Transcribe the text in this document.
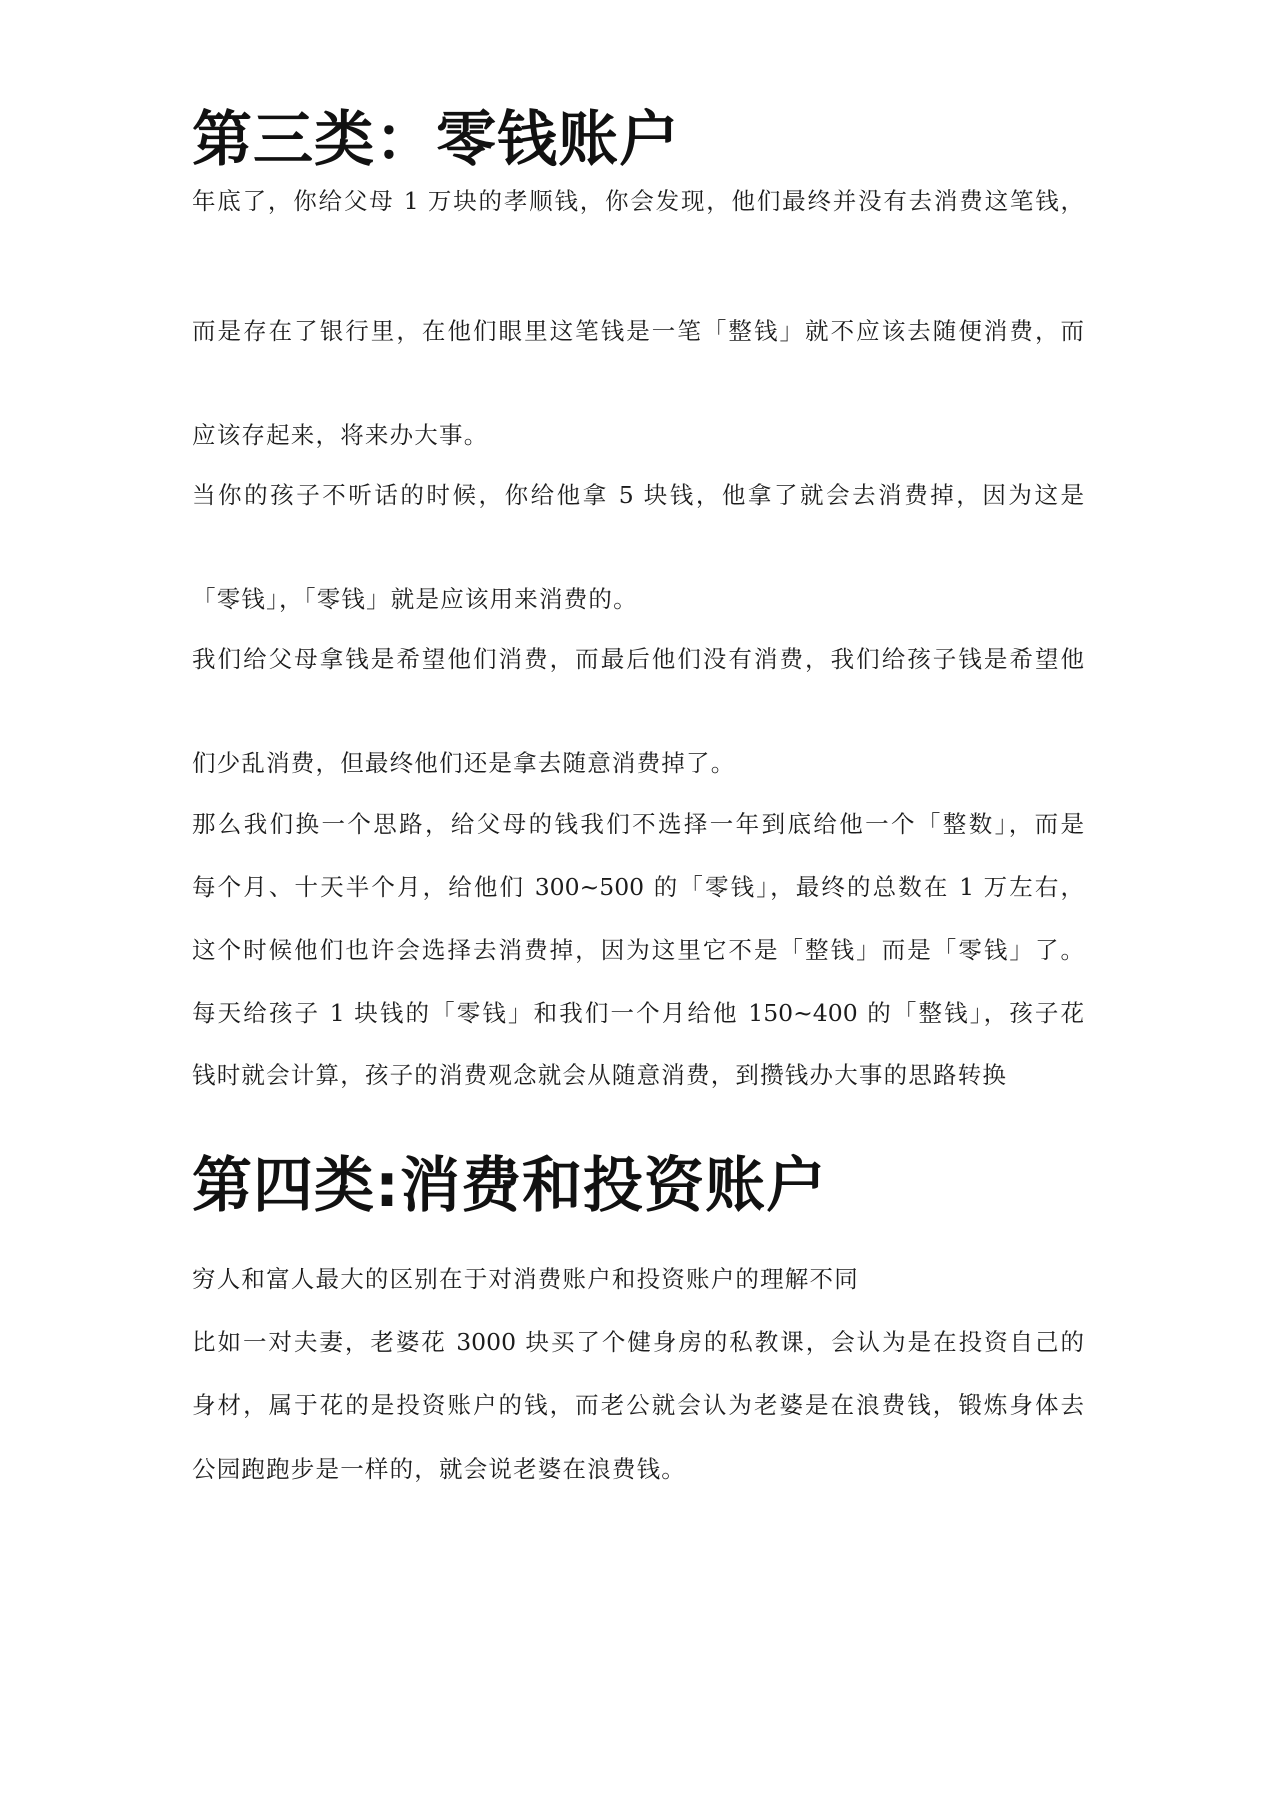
第三类：零钱账户

年底了，你给父母 1 万块的孝顺钱，你会发现，他们最终并没有去消费这笔钱，

而是存在了银行里，在他们眼里这笔钱是一笔「整钱」就不应该去随便消费，而

应该存起来，将来办大事。

当你的孩子不听话的时候，你给他拿 5 块钱，他拿了就会去消费掉，因为这是

「零钱」，「零钱」就是应该用来消费的。

我们给父母拿钱是希望他们消费，而最后他们没有消费，我们给孩子钱是希望他

们少乱消费，但最终他们还是拿去随意消费掉了。

那么我们换一个思路，给父母的钱我们不选择一年到底给他一个「整数」，而是

每个月、十天半个月，给他们 300~500 的「零钱」，最终的总数在 1 万左右，

这个时候他们也许会选择去消费掉，因为这里它不是「整钱」而是「零钱」了。

每天给孩子 1 块钱的「零钱」和我们一个月给他 150~400 的「整钱」，孩子花

钱时就会计算，孩子的消费观念就会从随意消费，到攒钱办大事的思路转换

第四类:消费和投资账户

穷人和富人最大的区别在于对消费账户和投资账户的理解不同

比如一对夫妻，老婆花 3000 块买了个健身房的私教课，会认为是在投资自己的

身材，属于花的是投资账户的钱，而老公就会认为老婆是在浪费钱，锻炼身体去

公园跑跑步是一样的，就会说老婆在浪费钱。
